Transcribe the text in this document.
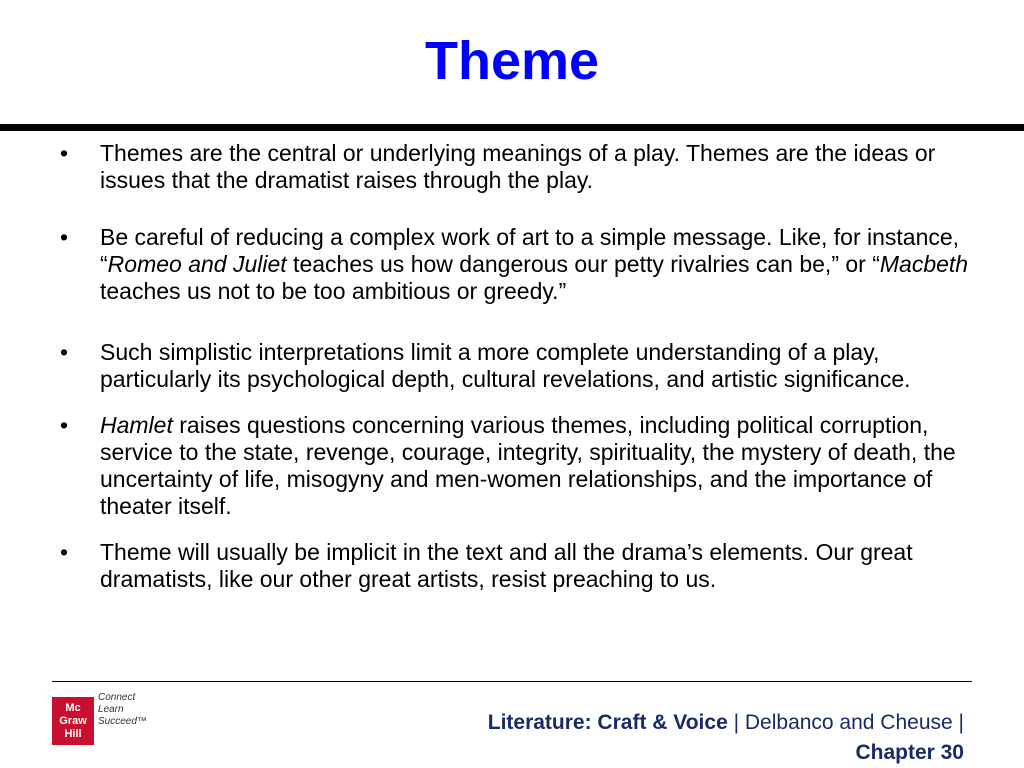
Theme
• Themes are the central or underlying meanings of a play. Themes are the ideas or issues that the dramatist raises through the play.
• Be careful of reducing a complex work of art to a simple message. Like, for instance, “Romeo and Juliet teaches us how dangerous our petty rivalries can be,” or “Macbeth teaches us not to be too ambitious or greedy.”
• Such simplistic interpretations limit a more complete understanding of a play, particularly its psychological depth, cultural revelations, and artistic significance.
• Hamlet raises questions concerning various themes, including political corruption, service to the state, revenge, courage, integrity, spirituality, the mystery of death, the uncertainty of life, misogyny and men-women relationships, and the importance of theater itself.
• Theme will usually be implicit in the text and all the drama’s elements. Our great dramatists, like our other great artists, resist preaching to us.
Mc
Graw
Hill
Connect
Learn
Succeed™	Literature: Craft & Voice | Delbanco and Cheuse |
Chapter 30
